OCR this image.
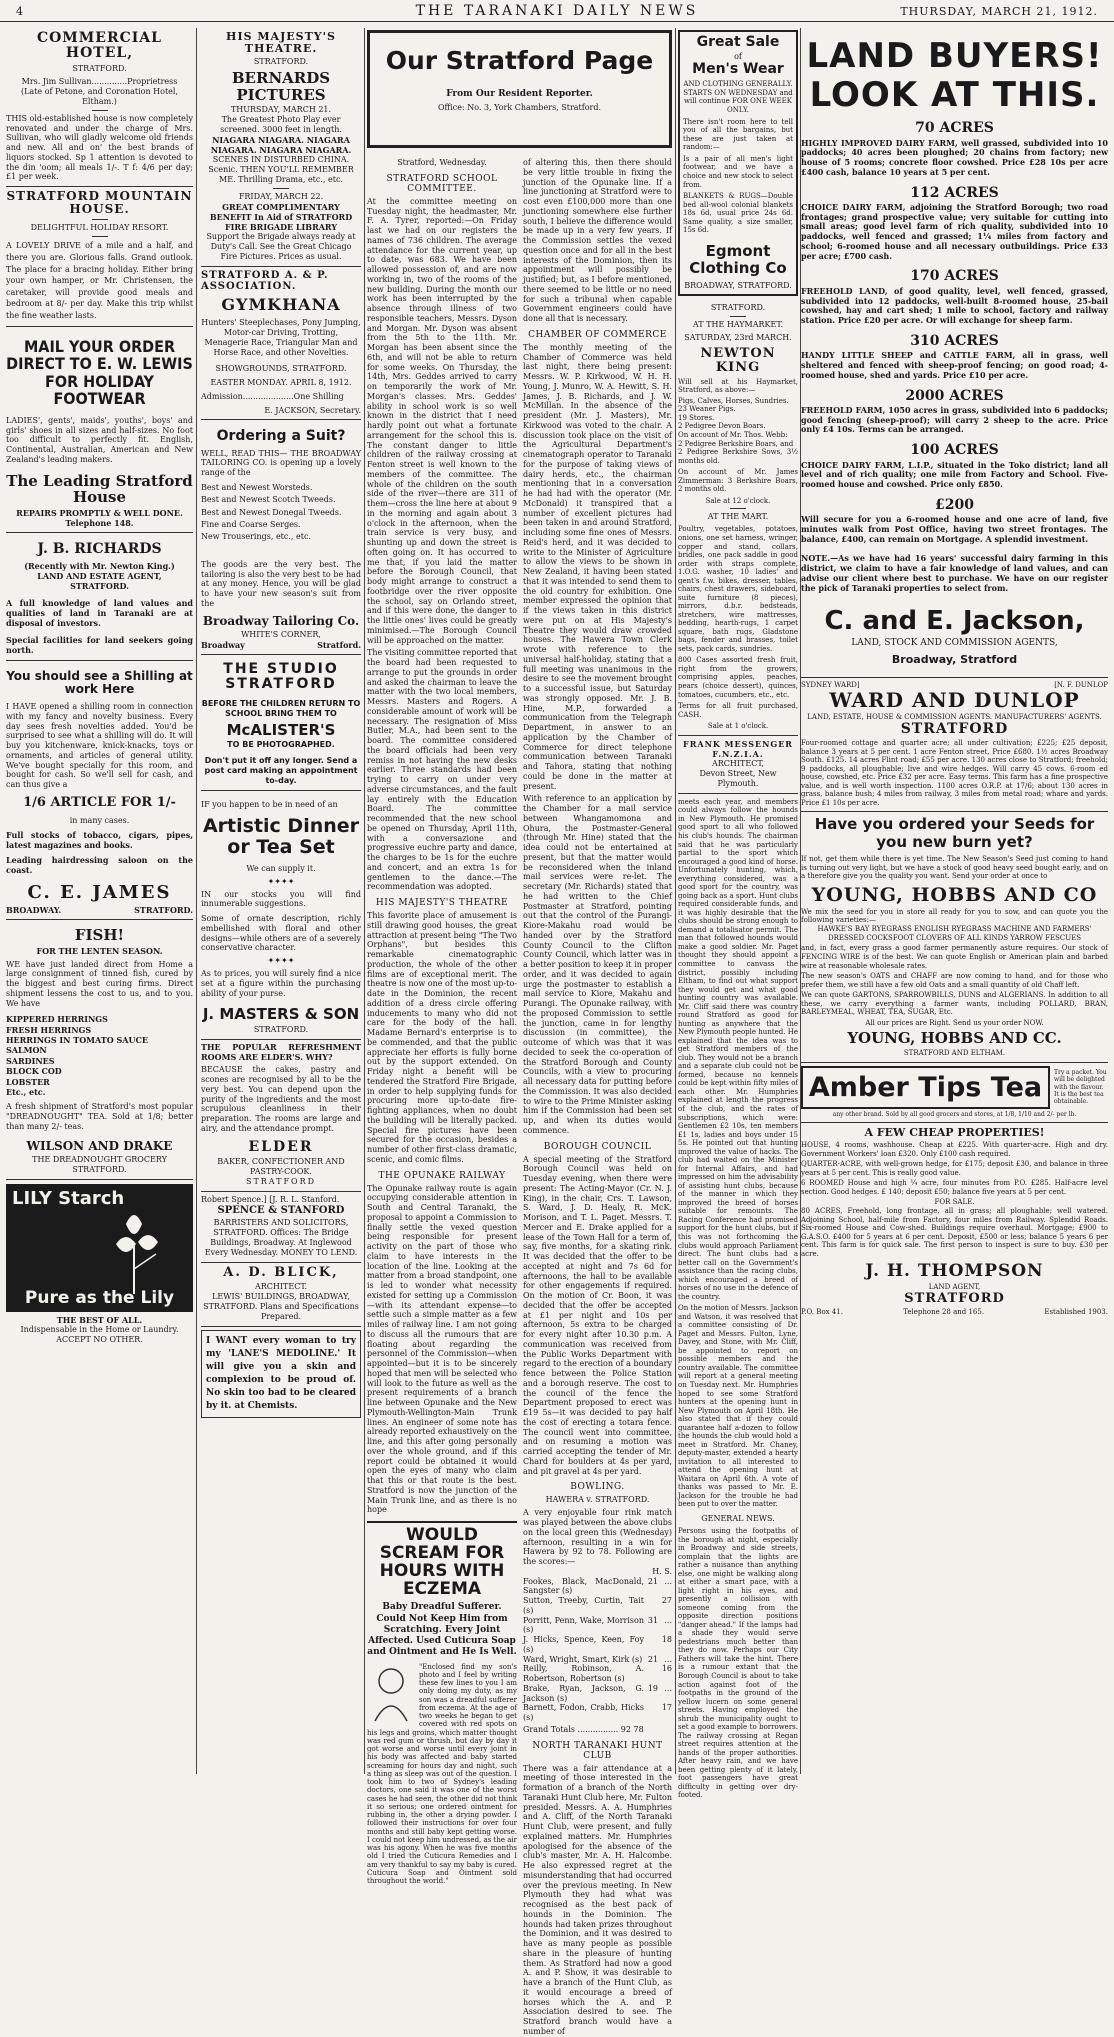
4	THE TARANAKI DAILY NEWS	THURSDAY, MARCH 21, 1912.
COMMERCIAL HOTEL,
STRATFORD.
Mrs. Jim Sullivan..............Proprietress
(Late of Petone, and Coronation Hotel, Eltham.)
THIS old-established house is now completely renovated and under the charge of Mrs. Sullivan, who will gladly welcome old friends and new. All and on' the best brands of liquors stocked. Sp 1 attention is devoted to the din 'oom; all meals 1/-. T f: 4/6 per day; £1 per week.
STRATFORD MOUNTAIN HOUSE.
DELIGHTFUL HOLIDAY RESORT.
A LOVELY DRIVE of a mile and a half, and there you are. Glorious falls. Grand outlook. The place for a bracing holiday. Either bring your own hamper, or Mr. Christensen, the caretaker, will provide good meals and bedroom at 8/- per day. Make this trip whilst the fine weather lasts.
MAIL YOUR ORDER DIRECT TO E. W. LEWIS FOR HOLIDAY FOOTWEAR
LADIES', gents', maids', youths', boys' and girls' shoes in all sizes and half-sizes. No foot too difficult to perfectly fit. English, Continental, Australian, American and New Zealand's leading makers.
The Leading Stratford House
REPAIRS PROMPTLY & WELL DONE.
Telephone 148.
J. B. RICHARDS
(Recently with Mr. Newton King.)
LAND AND ESTATE AGENT,
STRATFORD.
A full knowledge of land values and qualities of land in Taranaki are at disposal of investors.
Special facilities for land seekers going north.
You should see a Shilling at work Here
I HAVE opened a shilling room in connection with my fancy and novelty business. Every day sees fresh novelties added. You'd be surprised to see what a shilling will do. It will buy you kitchenware, knick-knacks, toys or ornaments, and articles of general utility. We've bought specially for this room, and bought for cash. So we'll sell for cash, and can thus give a
1/6 ARTICLE FOR 1/-
in many cases.
Full stocks of tobacco, cigars, pipes, latest magazines and books.
Leading hairdressing saloon on the coast.
C. E. JAMES
BROADWAY.	STRATFORD.
FISH!
FOR THE LENTEN SEASON.
WE have just landed direct from Home a large consignment of tinned fish, cured by the biggest and best curing firms. Direct shipment lessens the cost to us, and to you. We have
KIPPERED HERRINGS
FRESH HERRINGS
HERRINGS IN TOMATO SAUCE
SALMON
SARDINES
BLOCK COD
LOBSTER
Etc., etc.
A fresh shipment of Stratford's most popular "DREADNOUGHT" TEA. Sold at 1/8; better than many 2/- teas.
WILSON AND DRAKE
THE DREADNOUGHT GROCERY
STRATFORD.
LILY Starch
Pure as the Lily
THE BEST OF ALL.
Indispensable in the Home or Laundry. ACCEPT NO OTHER.
HIS MAJESTY'S THEATRE.
STRATFORD.
BERNARDS PICTURES
THURSDAY, MARCH 21.
The Greatest Photo Play ever screened. 3000 feet in length.
NIAGARA NIAGARA. NIAGARA NIAGARA. NIAGARA NIAGARA.
SCENES IN DISTURBED CHINA. Scenic. THEN YOU'LL REMEMBER ME. Thrilling Drama, etc., etc.
FRIDAY, MARCH 22.
GREAT COMPLIMENTARY BENEFIT In Aid of STRATFORD FIRE BRIGADE LIBRARY
Support the Brigade always ready at Duty's Call. See the Great Chicago Fire Pictures. Prices as usual.
STRATFORD A. & P. ASSOCIATION.
GYMKHANA
Hunters' Steeplechases, Pony Jumping, Motor-car Driving, Trotting, Menagerie Race, Triangular Man and Horse Race, and other Novelties.
SHOWGROUNDS, STRATFORD.
EASTER MONDAY. APRIL 8, 1912.
Admission....................One Shilling
E. JACKSON, Secretary.
Ordering a Suit?
WELL, READ THIS— THE BROADWAY TAILORING CO. is opening up a lovely range of the
Best and Newest Worsteds.
Best and Newest Scotch Tweeds.
Best and Newest Donegal Tweeds.
Fine and Coarse Serges.
New Trouserings, etc., etc.
The goods are the very best. The tailoring is also the very best to be had at any money. Hence, you will be glad to have your new season's suit from the
Broadway Tailoring Co.
WHITE'S CORNER,
Broadway	Stratford.
THE STUDIO STRATFORD
BEFORE THE CHILDREN RETURN TO SCHOOL BRING THEM TO
McALISTER'S
TO BE PHOTOGRAPHED.
Don't put it off any longer. Send a post card making an appointment to-day.
IF you happen to be in need of an
Artistic Dinner or Tea Set
We can supply it.
✦✦✦✦
IN our stocks you will find innumerable suggestions.
Some of ornate description, richly embellished with floral and other designs—while others are of a severely conservative character.
✦✦✦✦
As to prices, you will surely find a nice set at a figure within the purchasing ability of your purse.
J. MASTERS & SON
STRATFORD.
THE POPULAR REFRESHMENT ROOMS ARE ELDER'S. WHY?
BECAUSE the cakes, pastry and scones are recognised by all to be the very best. You can depend upon the purity of the ingredients and the most scrupulous cleanliness in their preparation. The rooms are large and airy, and the attendance prompt.
ELDER
BAKER, CONFECTIONER AND PASTRY-COOK.
STRATFORD
Robert Spence.] [J. R. L. Stanford.
SPENCE & STANFORD
BARRISTERS AND SOLICITORS, STRATFORD. Offices: The Bridge Buildings, Broadway. At Inglewood Every Wednesday. MONEY TO LEND.
A. D. BLICK,
ARCHITECT.
LEWIS' BUILDINGS, BROADWAY, STRATFORD. Plans and Specifications Prepared.
I WANT every woman to try my 'LANE'S MEDOLINE.' It will give you a skin and complexion to be proud of. No skin too bad to be cleared by it. at Chemists.
Our Stratford Page
From Our Resident Reporter.
Office: No. 3, York Chambers, Stratford.
Stratford, Wednesday.
STRATFORD SCHOOL COMMITTEE.
At the committee meeting on Tuesday night, the headmaster, Mr. F. A. Tyrer, reported:—On Friday last we had on our registers the names of 736 children. The average attendance for the current year, up to date, was 683. We have been allowed possession of, and are now working in, two of the rooms of the new building. During the month our work has been interrupted by the absence through illness of two responsible teachers, Messrs. Dyson and Morgan. Mr. Dyson was absent from the 5th to the 11th. Mr. Morgan has been absent since the 6th, and will not be able to return for some weeks. On Thursday, the 14th, Mrs. Geddes arrived to carry on temporarily the work of Mr. Morgan's classes. Mrs. Geddes' ability in school work is so well known in the district that I need hardly point out what a fortunate arrangement for the school this is. The constant danger to little children of the railway crossing at Fenton street is well known to the members of the committee. The whole of the children on the south side of the river—there are 311 of them—cross the line here at about 9 in the morning and again about 3 o'clock in the afternoon, when the train service is very busy, and shunting up and down the street is often going on. It has occurred to me that, if you laid the matter before the Borough Council, that body might arrange to construct a footbridge over the river opposite the school, say on Orlando street, and if this were done, the danger to the little ones' lives could be greatly minimised.—The Borough Council will be approached on the matter.
The visiting committee reported that the board had been requested to arrange to put the grounds in order and asked the chairman to leave the matter with the two local members, Messrs. Masters and Rogers. A considerable amount of work will be necessary. The resignation of Miss Butler, M.A., had been sent to the board. The committee considered the board officials had been very remiss in not having the new desks earlier. Three standards had been trying to carry on under very adverse circumstances, and the fault lay entirely with the Education Board. The committee recommended that the new school be opened on Thursday, April 11th, with a conversazione and progressive euchre party and dance, the charges to be 1s for the euchre and concert, and an extra 1s for gentlemen to the dance.—The recommendation was adopted.
HIS MAJESTY'S THEATRE
This favorite place of amusement is still drawing good houses, the great attraction at present being "The Two Orphans", but besides this remarkable cinematographic production, the whole of the other films are of exceptional merit. The theatre is now one of the most up-to-date in the Dominion, the recent addition of a dress circle offering inducements to many who did not care for the body of the hall. Madame Bernard's enterprise is to be commended, and that the public appreciate her efforts is fully borne out by the support extended. On Friday night a benefit will be tendered the Stratford Fire Brigade, in order to help supplying funds for procuring more up-to-date fire-fighting appliances, when no doubt the building will be literally packed. Special fire pictures have been secured for the occasion, besides a number of other first-class dramatic, scenic, and comic films.
THE OPUNAKE RAILWAY
The Opunake railway route is again occupying considerable attention in South and Central Taranaki, the proposal to appoint a Commission to finally settle the vexed question being responsible for present activity on the part of those who claim to have interests in the location of the line. Looking at the matter from a broad standpoint, one is led to wonder what necessity existed for setting up a Commission—with its attendant expense—to settle such a simple matter as a few miles of railway line. I am not going to discuss all the rumours that are floating about regarding the personnel of the Commission—when appointed—but it is to be sincerely hoped that men will be selected who will look to the future as well as the present requirements of a branch line between Opunake and the New Plymouth-Wellington-Main Trunk lines. An engineer of some note has already reported exhaustively on the line, and this after going personally over the whole ground, and if this report could be obtained it would open the eyes of many who claim that this or that route is the best. Stratford is now the junction of the Main Trunk line, and as there is no hope
WOULD SCREAM FOR HOURS WITH ECZEMA
Baby Dreadful Sufferer. Could Not Keep Him from Scratching. Every Joint Affected. Used Cuticura Soap and Ointment and He Is Well.
"Enclosed find my son's photo and I feel by writing these few lines to you I am only doing my duty, as my son was a dreadful sufferer from eczema. At the age of two weeks he began to get covered with red spots on his legs and groins, which matter thought was red gum or thrush, but day by day it got worse and worse until every joint in his body was affected and baby started screaming for hours day and night, such a thing as sleep was out of the question. I took him to two of Sydney's leading doctors, one said it was one of the worst cases he had seen, the other did not think it so serious; one ordered ointment for rubbing in, the other a drying powder. I followed their instructions for over four months and still baby kept getting worse. I could not keep him undressed, as the air was his agony. When he was five months old I tried the Cuticura Remedies and I am very thankful to say my baby is cured. Cuticura Soap and Ointment sold throughout the world."
of altering this, then there should be very little trouble in fixing the junction of the Opunake line. If a line junctioning at Stratford were to cost even £100,000 more than one junctioning somewhere else further south, I believe the difference would be made up in a very few years. If the Commission settles the vexed question once and for all in the best interests of the Dominion, then its appointment will possibly be justified; but, as I before mentioned, there seemed to be little or no need for such a tribunal when capable Government engineers could have done all that is necessary.
CHAMBER OF COMMERCE
The monthly meeting of the Chamber of Commerce was held last night, there being present: Messrs. W. P. Kirkwood, W. H. H. Young, J. Munro, W. A. Hewitt, S. H. James, J. B. Richards, and J. W. McMillan. In the absence of the president (Mr. J. Masters), Mr. Kirkwood was voted to the chair. A discussion took place on the visit of the Agricultural Department's cinematograph operator to Taranaki for the purpose of taking views of dairy herds, etc., the chairman mentioning that in a conversation he had had with the operator (Mr. McDonald) it transpired that a number of excellent pictures had been taken in and around Stratford, including some fine ones of Messrs. Reid's herd, and it was decided to write to the Minister of Agriculture to allow the views to be shown in New Zealand, it having been stated that it was intended to send them to the old country for exhibition. One member expressed the opinion that if the views taken in this district were put on at His Majesty's Theatre they would draw crowded houses. The Hawera Town Clerk wrote with reference to the universal half-holiday, stating that a full meeting was unanimous in the desire to see the movement brought to a successful issue, but Saturday was strongly opposed. Mr. J. B. Hine, M.P., forwarded a communication from the Telegraph Department, in answer to an application by the Chamber of Commerce for direct telephone communication between Taranaki and Tahora, stating that nothing could be done in the matter at present.
With reference to an application by the Chamber for a mail service between Whangamomona and Ohura, the Postmaster-General (through Mr. Hine) stated that the idea could not be entertained at present, but that the matter would be reconsidered when the inland mail services were re-let. The secretary (Mr. Richards) stated that he had written to the Chief Postmaster at Stratford, pointing out that the control of the Purangi-Kiore-Makahu road would be handed over by the Stratford County Council to the Clifton County Council, which latter was in a better position to keep it in proper order, and it was decided to again urge the postmaster to establish a mail service to Kiore, Makahu and Purangi. The Opunake railway, with the proposed Commission to settle the junction, came in for lengthy discussion (in committee), the outcome of which was that it was decided to seek the co-operation of the Stratford Borough and County Councils, with a view to procuring all necessary data for putting before the Commission. It was also decided to wire to the Prime Minister asking him if the Commission had been set up, and when its duties would commence.
BOROUGH COUNCIL
A special meeting of the Stratford Borough Council was held on Tuesday evening, when there were present: The Acting-Mayor (Cr. N. J. King), in the chair, Crs. T. Lawson, S. Ward, J. D. Healy, R. McK. Morison, and T. L. Paget. Messrs. T. Mercer and E. Drake applied for a lease of the Town Hall for a term of, say, five months, for a skating rink. It was decided that the offer to be accepted at night and 7s 6d for afternoons, the hall to be available for other engagements if required. On the motion of Cr. Boon, it was decided that the offer be accepted at £1 per night and 10s per afternoon, 5s extra to be charged for every night after 10.30 p.m. A communication was received from the Public Works Department with regard to the erection of a boundary fence between the Police Station and a borough reserve. The cost to the council of the fence the Department proposed to erect was £19 5s—it was decided to pay half the cost of erecting a totara fence. The council went into committee, and on resuming a motion was carried accepting the tender of Mr. Chard for boulders at 4s per yard, and pit gravel at 4s per yard.
BOWLING.
HAWERA v. STRATFORD.
A very enjoyable four rink match was played between the above clubs on the local green this (Wednesday) afternoon, resulting in a win for Hawera by 92 to 78. Following are the scores:—
H. S.
Fookes, Black, MacDonald, Sangster (s)
21 ...
Sutton, Treeby, Curtin, Tait (s)
27
Porritt, Penn, Wake, Morrison (s)
31 ...
J. Hicks, Spence, Keen, Foy (s)
18
Ward, Wright, Smart, Kirk (s) 21 ...
Reilly, Robinson, A. Robertson, Robertson (s)
16
Brake, Ryan, Jackson, G. Jackson (s)
19 ...
Barnett, Fodon, Crabb, Hicks (s)
17
Grand Totals ................ 92 78
NORTH TARANAKI HUNT CLUB
There was a fair attendance at a meeting of those interested in the formation of a branch of the North Taranaki Hunt Club here, Mr. Fulton presided. Messrs. A. A. Humphries and A. Cliff, of the North Taranaki Hunt Club, were present, and fully explained matters. Mr. Humphries apologised for the absence of the club's master, Mr. A. H. Halcombe. He also expressed regret at the misunderstanding that had occurred over the previous meeting. In New Plymouth they had what was recognised as the best pack of hounds in the Dominion. The hounds had taken prizes throughout the Dominion, and it was desired to have as many people as possible share in the pleasure of hunting them. As Stratford had now a good A. and P. Show, it was desirable to have a branch of the Hunt Club, as it would encourage a breed of horses which the A. and P. Association desired to see. The Stratford branch would have a number of
Great Sale
of
Men's Wear
AND CLOTHING GENERALLY. STARTS ON WEDNESDAY and will continue FOR ONE WEEK ONLY.
There isn't room here to tell you of all the bargains, but these are just taken at random:—
Is a pair of all men's light footwear, and we have a choice and new stock to select from.
BLANKETS & RUGS—Double bed all-wool colonial blankets 18s 6d, usual price 24s 6d. Same quality, a size smaller, 15s 6d.
Egmont Clothing Co
BROADWAY, STRATFORD.
STRATFORD.
AT THE HAYMARKET.
SATURDAY, 23rd MARCH.
NEWTON KING
Will sell at his Haymarket, Stratford, as above:—
Pigs, Calves, Horses, Sundries.
23 Weaner Pigs.
19 Stores.
2 Pedigree Devon Boars.
On account of Mr. Thos. Webb:
2 Pedigree Berkshire Boars, and
2 Pedigree Berkshire Sows, 3½ months old.
On account of Mr. James Zimmerman: 3 Berkshire Boars, 2 months old.
Sale at 12 o'clock.
AT THE MART.
Poultry, vegetables, potatoes, onions, one set harness, wringer, copper and stand, collars, bridles, one pack saddle in good order with straps complete, 1.O.G. washer, 10 ladies' and gent's f.w. bikes, dresser, tables, chairs, chest drawers, sideboard, suite furniture (8 pieces), mirrors, d.b.r. bedsteads, stretchers, wire mattresses, bedding, hearth-rugs, 1 carpet square, bath rugs, Gladstone bags, fender and brasses, toilet sets, pack cards, sundries.
800 Cases assorted fresh fruit, right from the growers, comprising apples, peaches, pears (choice dessert), quinces, tomatoes, cucumbers, etc., etc.
Terms for all fruit purchased, CASH.
Sale at 1 o'clock.
FRANK MESSENGER F.N.Z.I.A.
ARCHITECT,
Devon Street, New Plymouth.
meets each year, and members could always follow the hounds in New Plymouth. He promised good sport to all who followed his club's hounds. The chairman said that he was particularly partial to the sport which encouraged a good kind of horse. Unfortunately hunting, which, everything considered, was a good sport for the country, was going back as a sport. Hunt clubs required considerable funds, and it was highly desirable that the clubs should be strong enough to demand a totalisator permit. The man that followed hounds would make a good soldier. Mr. Paget thought they should appoint a committee to canvass the district, possibly including Eltham, to find out what support they would get and what good hunting country was available. Mr. Cliff said there was country round Stratford as good for hunting as anywhere that the New Plymouth people hunted. He explained that the idea was to get Stratford members of the club. They would not be a branch and a separate club could not be formed, because no kennels could be kept within fifty miles of each other. Mr. Humphries explained at length the progress of the club, and the rates of subscriptions, which were: Gentlemen £2 10s, ten members £1 1s, ladies and boys under 15 5s. He pointed out that hunting improved the value of hacks. The club had waited on the Minister for Internal Affairs, and had impressed on him the advisability of assisting hunt clubs, because of the manner in which they improved the breed of horses suitable for remounts. The Racing Conference had promised support for the hunt clubs, but if this was not forthcoming the clubs would approach Parliament direct. The hunt clubs had a better call on the Government's assistance than the racing clubs, which encouraged a breed of horses of no use in the defence of the country.
On the motion of Messrs. Jackson and Watson, it was resolved that a committee consisting of Dr. Paget and Messrs. Fulton, Lyne, Davey, and Stone, with Mr. Cliff, be appointed to report on possible members and the country available. The committee will report at a general meeting on Tuesday next. Mr. Humphries hoped to see some Stratford hunters at the opening hunt in New Plymouth on April 18th. He also stated that if they could guarantee half a-dozen to follow the hounds the club would hold a meet in Stratford. Mr. Chaney, deputy-master, extended a hearty invitation to all interested to attend the opening hunt at Waitara on April 6th. A vote of thanks was passed to Mr. E. Jackson for the trouble he had been put to over the matter.
GENERAL NEWS.
Persons using the footpaths of the borough at night, especially in Broadway and side streets, complain that the lights are rather a nuisance than anything else, one might be walking along at either a smart pace, with a light right in his eyes, and presently a collision with someone coming from the opposite direction positions "danger ahead." If the lamps had a shade they would serve pedestrians much better than they do now. Perhaps our City Fathers will take the hint. There is a rumour extant that the Borough Council is about to take action against foot of the footpaths in the ground of the yellow lucern on some general streets. Having employed the shrub the municipality ought to set a good example to borrowers. The railway crossing at Regan street requires attention at the hands of the proper authorities. After heavy rain, and we have been getting plenty of it lately, foot passengers have great difficulty in getting over dry-footed.
LAND BUYERS! LOOK AT THIS.
70 ACRES
HIGHLY IMPROVED DAIRY FARM, well grassed, subdivided into 10 paddocks; 40 acres been ploughed; 20 chains from factory; new house of 5 rooms; concrete floor cowshed. Price £28 10s per acre £400 cash, balance 10 years at 5 per cent.
112 ACRES
CHOICE DAIRY FARM, adjoining the Stratford Borough; two road frontages; grand prospective value; very suitable for cutting into small areas; good level farm of rich quality, subdivided into 10 paddocks, well fenced and grassed; 1¼ miles from factory and school; 6-roomed house and all necessary outbuildings. Price £33 per acre; £700 cash.
170 ACRES
FREEHOLD LAND, of good quality, level, well fenced, grassed, subdivided into 12 paddocks, well-built 8-roomed house, 25-bail cowshed, hay and cart shed; 1 mile to school, factory and railway station. Price £20 per acre. Or will exchange for sheep farm.
310 ACRES
HANDY LITTLE SHEEP and CATTLE FARM, all in grass, well sheltered and fenced with sheep-proof fencing; on good road; 4-roomed house, shed and yards. Price £10 per acre.
2000 ACRES
FREEHOLD FARM, 1050 acres in grass, subdivided into 6 paddocks; good fencing (sheep-proof); will carry 2 sheep to the acre. Price only £4 10s. Terms can be arranged.
100 ACRES
CHOICE DAIRY FARM, L.I.P., situated in the Toko district; land all level and of rich quality; one mile from Factory and School. Five-roomed house and cowshed. Price only £850.
£200
Will secure for you a 6-roomed house and one acre of land, five minutes walk from Post Office, having two street frontages. The balance, £400, can remain on Mortgage. A splendid investment.
NOTE.—As we have had 16 years' successful dairy farming in this district, we claim to have a fair knowledge of land values, and can advise our client where best to purchase. We have on our register the pick of Taranaki properties to select from.
C. and E. Jackson,
LAND, STOCK AND COMMISSION AGENTS,
Broadway, Stratford
SYDNEY WARD]	[N. F. DUNLOP
WARD AND DUNLOP
LAND, ESTATE, HOUSE & COMMISSION AGENTS. MANUFACTURERS' AGENTS.
STRATFORD
Four-roomed cottage and quarter acre; all under cultivation; £225; £25 deposit, balance 3 years at 5 per cent. 1 acre Fenton street, Price £680. 1½ acres Broadway South. £125. 14 acres Flint road; £55 per acre. 130 acres close to Stratford; freehold; 9 paddocks, all ploughable; live and wire hedges. Will carry 45 cows. 6-room ed house, cowshed, etc. Price £32 per acre. Easy terms. This farm has a fine prospective value, and is well worth inspection. 1100 acres O.R.P. at 17/6; about 130 acres in grass, balance bush; 4 miles from railway, 3 miles from metal road; whare and yards. Price £1 10s per acre.
Have you ordered your Seeds for you new burn yet?
If not, get them while there is yet time. The New Season's Seed just coming to hand is turning out very light, but we have a stock of good heavy seed bought early, and on a therefore give you the quality you want. Send your order at once to
YOUNG, HOBBS AND CO
We mix the seed for you in store all ready for you to sow, and can quote you the following varieties:—
HAWKE'S BAY RYEGRASS ENGLISH RYEGRASS MACHINE AND FARMERS' DRESSED COCKSFOOT CLOVERS OF ALL KINDS YARROW FESCUES
and, in fact, every grass a good farmer permanently asture requires. Our stock of FENCING WIRE is of the best. We can quote English or American plain and barbed wire at reasonable wholesale rates.
The new season's OATS and CHAFF are now coming to hand, and for those who prefer them, we still have a few old Oats and a small quantity of old Chaff left.
We can quote GARTONS, SPARROWBILLS, DUNS and ALGERIANS. In addition to all these, we carry everything a farmer wants, including POLLARD, BRAN, BARLEYMEAL, WHEAT, TEA, SUGAR, Etc.
All our prices are Right. Send us your order NOW.
YOUNG, HOBBS AND CC.
STRATFORD AND ELTHAM.
Amber Tips Tea	Try a packet. You will be delighted with the flavour. It is the best tea obtainable.
any other brand. Sold by all good grocers and stores, at 1/8, 1/10 and 2/- per lb.
A FEW CHEAP PROPERTIES!
HOUSE, 4 rooms, washhouse. Cheap at £225. With quarter-acre. High and dry. Government Workers' loan £320. Only £100 cash required.
QUARTER-ACRE, with well-grown hedge, for £175; deposit £30, and balance in three years at 5 per cent. This is really good value.
6 ROOMED House and high ¼ acre, four minutes from P.O. £285. Half-acre level section. Good hedges. £ 140; deposit £50; balance five years at 5 per cent.
FOR SALE.
80 ACRES, Freehold, long frontage, all in grass; all ploughable; well watered. Adjoining School, half-mile from Factory, four miles from Railway. Splendid Roads. Six-roomed House and Cow-shed. Buildings require overhaul. Mortgage; £900 to G.A.S.O. £400 for 5 years at 6 per cent. Deposit, £500 or less; balance 5 years 6 per cent. This farm is for quick sale. The first person to inspect is sure to buy. £30 per acre.
J. H. THOMPSON
LAND AGENT,
STRATFORD
P.O. Box 41.	Telephone 28 and 165.	Established 1903.
